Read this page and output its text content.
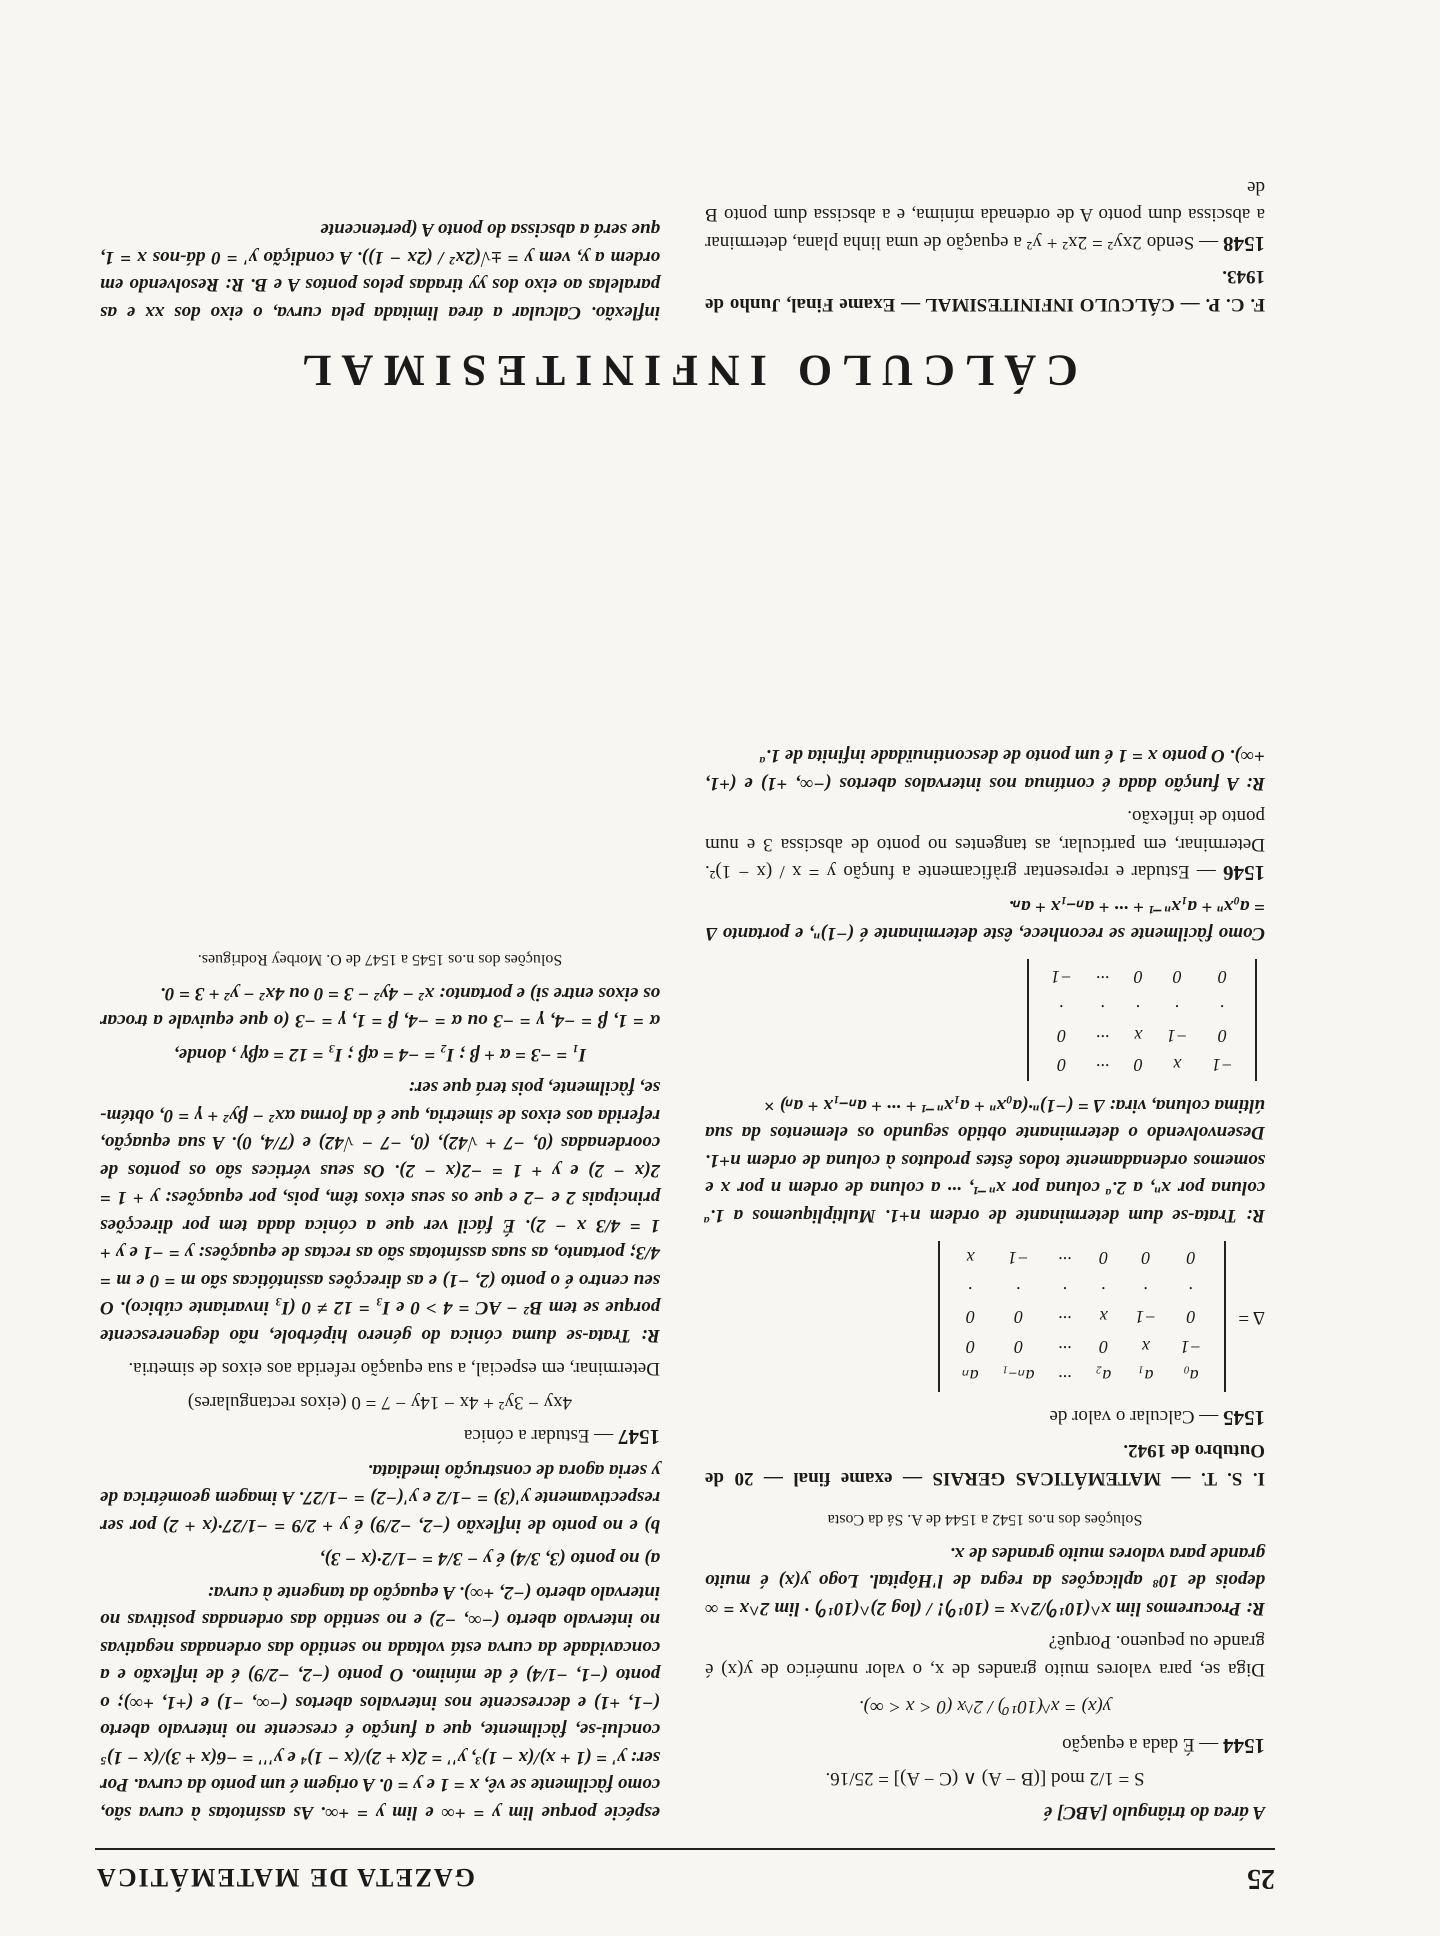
GAZETA DE MATEMÁTICA	25

A área do triângulo [ABC] é

S = 1/2 mod [(B − A) ∧ (C − A)] = 25/16.

1544 — É dada a equação

y(x) = x^(10¹⁰) / 2^x (0 < x < ∞).

Diga se, para valores muito grandes de x, o valor numérico de y(x) é grande ou pequeno. Porquê?

R: Procuremos lim x^(10¹⁰)/2^x = (10¹⁰)! / (log 2)^(10¹⁰) · lim 2^x = ∞ depois de 10⁸ aplicações da regra de l'Hôpital. Logo y(x) é muito grande para valores muito grandes de x.

Soluções dos n.os 1542 a 1544 de A. Sá da Costa

I. S. T. — MATEMÁTICAS GERAIS — exame final — 20 de Outubro de 1942.

1545 — Calcular o valor de

Δ =
a₀	a₁	a₂	···	aₙ₋₁	aₙ
−1	x	0	···	0	0
0	−1	x	···	0	0
·	·	·	·	·	·
0	0	0	···	−1	x

R: Trata-se dum determinante de ordem n+1. Multipliquemos a 1.ª coluna por xⁿ, a 2.ª coluna por xⁿ⁻¹, ··· a coluna de ordem n por x e somemos ordenadamente todos êstes produtos à coluna de ordem n+1. Desenvolvendo o determinante obtido segundo os elementos da sua última coluna, vira: Δ = (−1)ⁿ·(a₀xⁿ + a₁xⁿ⁻¹ + ··· + aₙ₋₁x + aₙ) ×

−1	x	0	···	0
0	−1	x	···	0
·	·	·	·	·
0	0	0	···	−1

Como fàcilmente se reconhece, êste determinante é (−1)ⁿ, e portanto Δ = a₀xⁿ + a₁xⁿ⁻¹ + ··· + aₙ₋₁x + aₙ.

1546 — Estudar e representar gràficamente a função y = x / (x − 1)². Determinar, em particular, as tangentes no ponto de abscissa 3 e num ponto de inflexão.

R: A função dada é contínua nos intervalos abertos (−∞, +1) e (+1, +∞). O ponto x = 1 é um ponto de descontinuïdade infinita de 1.ª

espécie porque lim y = +∞ e lim y = +∞. As assíntotas à curva são, como fàcilmente se vê, x = 1 e y = 0. A origem é um ponto da curva. Por ser: y' = (1 + x)/(x − 1)³, y'' = 2(x + 2)/(x − 1)⁴ e y''' = −6(x + 3)/(x − 1)⁵ conclui-se, fàcilmente, que a função é crescente no intervalo aberto (−1, +1) e decrescente nos intervalos abertos (−∞, −1) e (+1, +∞); o ponto (−1, −1/4) é de mínimo. O ponto (−2, −2/9) é de inflexão e a concavidade da curva está voltada no sentido das ordenadas negativas no intervalo aberto (−∞, −2) e no sentido das ordenadas positivas no intervalo aberto (−2, +∞). A equação da tangente à curva:

a) no ponto (3, 3/4) é y − 3/4 = −1/2·(x − 3),

b) e no ponto de inflexão (−2, −2/9) é y + 2/9 = −1/27·(x + 2) por ser respectivamente y'(3) = −1/2 e y'(−2) = −1/27. A imagem geométrica de y seria agora de construção imediata.

1547 — Estudar a cónica

4xy − 3y² + 4x − 14y − 7 = 0 (eixos rectangulares)

Determinar, em especial, a sua equação referida aos eixos de simetria.

R: Trata-se duma cónica do género hipérbole, não degenerescente porque se tem B² − AC = 4 > 0 e I₃ = 12 ≠ 0 (I₃ invariante cúbico). O seu centro é o ponto (2, −1) e as direcções assintóticas são m = 0 e m = 4/3; portanto, as suas assíntotas são as rectas de equações: y = −1 e y + 1 = 4/3 x − 2). É fácil ver que a cónica dada tem por direcções principais 2 e −2 e que os seus eixos têm, pois, por equações: y + 1 = 2(x − 2) e y + 1 = −2(x − 2). Os seus vértices são os pontos de coordenadas (0, −7 + √42), (0, −7 − √42) e (7/4, 0). A sua equação, referida aos eixos de simetria, que é da forma αx² − βy² + γ = 0, obtém-se, fàcilmente, pois terá que ser:

I₁ = −3 = α + β ; I₂ = −4 = αβ ; I₃ = 12 = αβγ , donde,

α = 1, β = −4, γ = −3 ou α = −4, β = 1, γ = −3 (o que equivale a trocar os eixos entre si) e portanto: x² − 4y² − 3 = 0 ou 4x² − y² + 3 = 0.

Soluções dos n.os 1545 a 1547 de O. Morbey Rodrigues.

CÁLCULO INFINITESIMAL

F. C. P. — CÁLCULO INFINITESIMAL — Exame Final, Junho de 1943.

1548 — Sendo 2xy² = 2x² + y² a equação de uma linha plana, determinar a abscissa dum ponto A de ordenada mínima, e a abscissa dum ponto B de

inflexão. Calcular a área limitada pela curva, o eixo dos xx e as paralelas ao eixo dos yy tiradas pelos pontos A e B. R: Resolvendo em ordem a y, vem y = ±√(2x² / (2x − 1)). A condição y' = 0 dá-nos x = 1, que será a abscissa do ponto A (pertencente
